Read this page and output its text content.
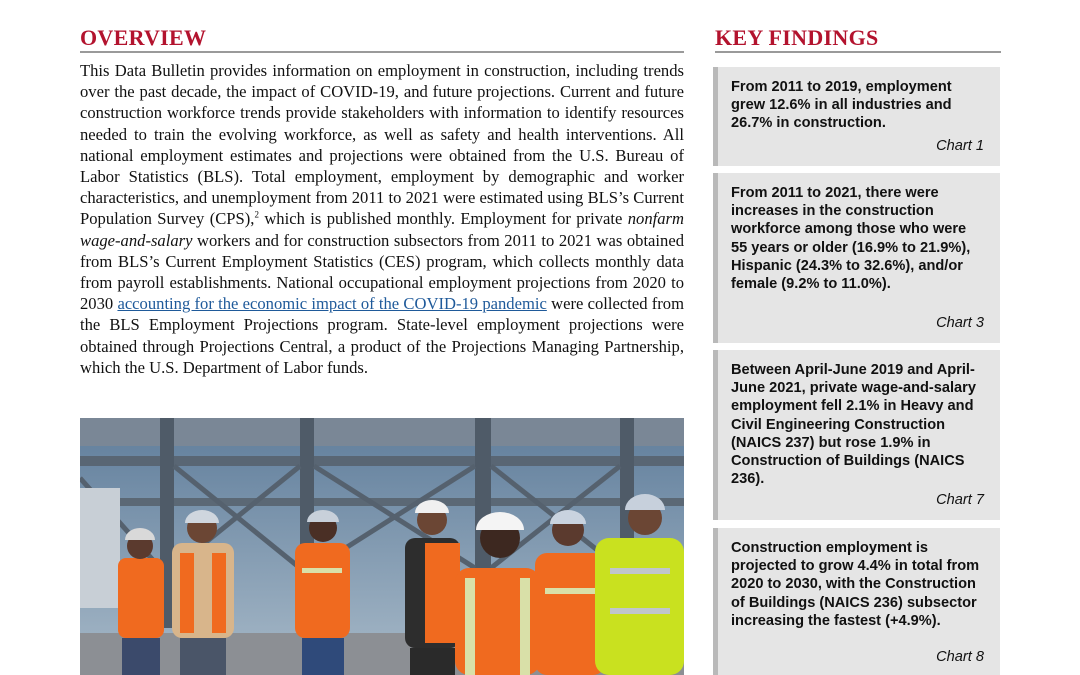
OVERVIEW	KEY FINDINGS

This Data Bulletin provides information on employment in construction, including trends over the past decade, the impact of COVID-19, and future projections. Current and future construction workforce trends provide stakeholders with information to identify resources needed to train the evolving workforce, as well as safety and health interventions. All national employment estimates and projections were obtained from the U.S. Bureau of Labor Statistics (BLS). Total employment, employment by demographic and worker characteristics, and unemployment from 2011 to 2021 were estimated using BLS’s Current Population Survey (CPS),$^2$ which is published monthly. Employment for private nonfarm wage-and-salary workers and for construction subsectors from 2011 to 2021 was obtained from BLS’s Current Employment Statistics (CES) program, which collects monthly data from payroll establishments. National occupational employment projections from 2020 to 2030 accounting for the economic impact of the COVID-19 pandemic were collected from the BLS Employment Projections program. State-level employment projections were obtained through Projections Central, a product of the Projections Managing Partnership, which the U.S. Department of Labor funds.

From 2011 to 2019, employment grew 12.6% in all industries and 26.7% in construction.

Chart 1

From 2011 to 2021, there were increases in the construction workforce among those who were 55 years or older (16.9% to 21.9%), Hispanic (24.3% to 32.6%), and/or female (9.2% to 11.0%).

Chart 3

Between April-June 2019 and April-June 2021, private wage-and-salary employment fell 2.1% in Heavy and Civil Engineering Construction (NAICS 237) but rose 1.9% in Construction of Buildings (NAICS 236).

Chart 7

Construction employment is projected to grow 4.4% in total from 2020 to 2030, with the Construction of Buildings (NAICS 236) subsector increasing the fastest (+4.9%).

Chart 8
